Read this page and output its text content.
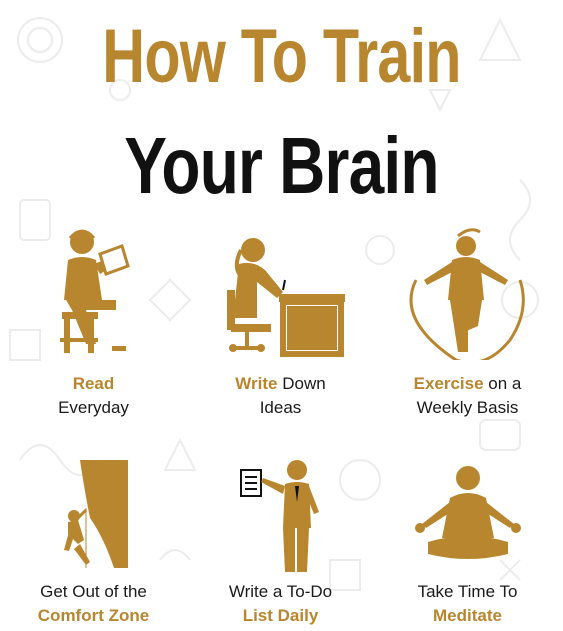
How To Train
Your Brain
Read
Everyday
Write Down
Ideas
Exercise on a
Weekly Basis
Get Out of the
Comfort Zone
Write a To-Do
List Daily
Take Time To
Meditate
